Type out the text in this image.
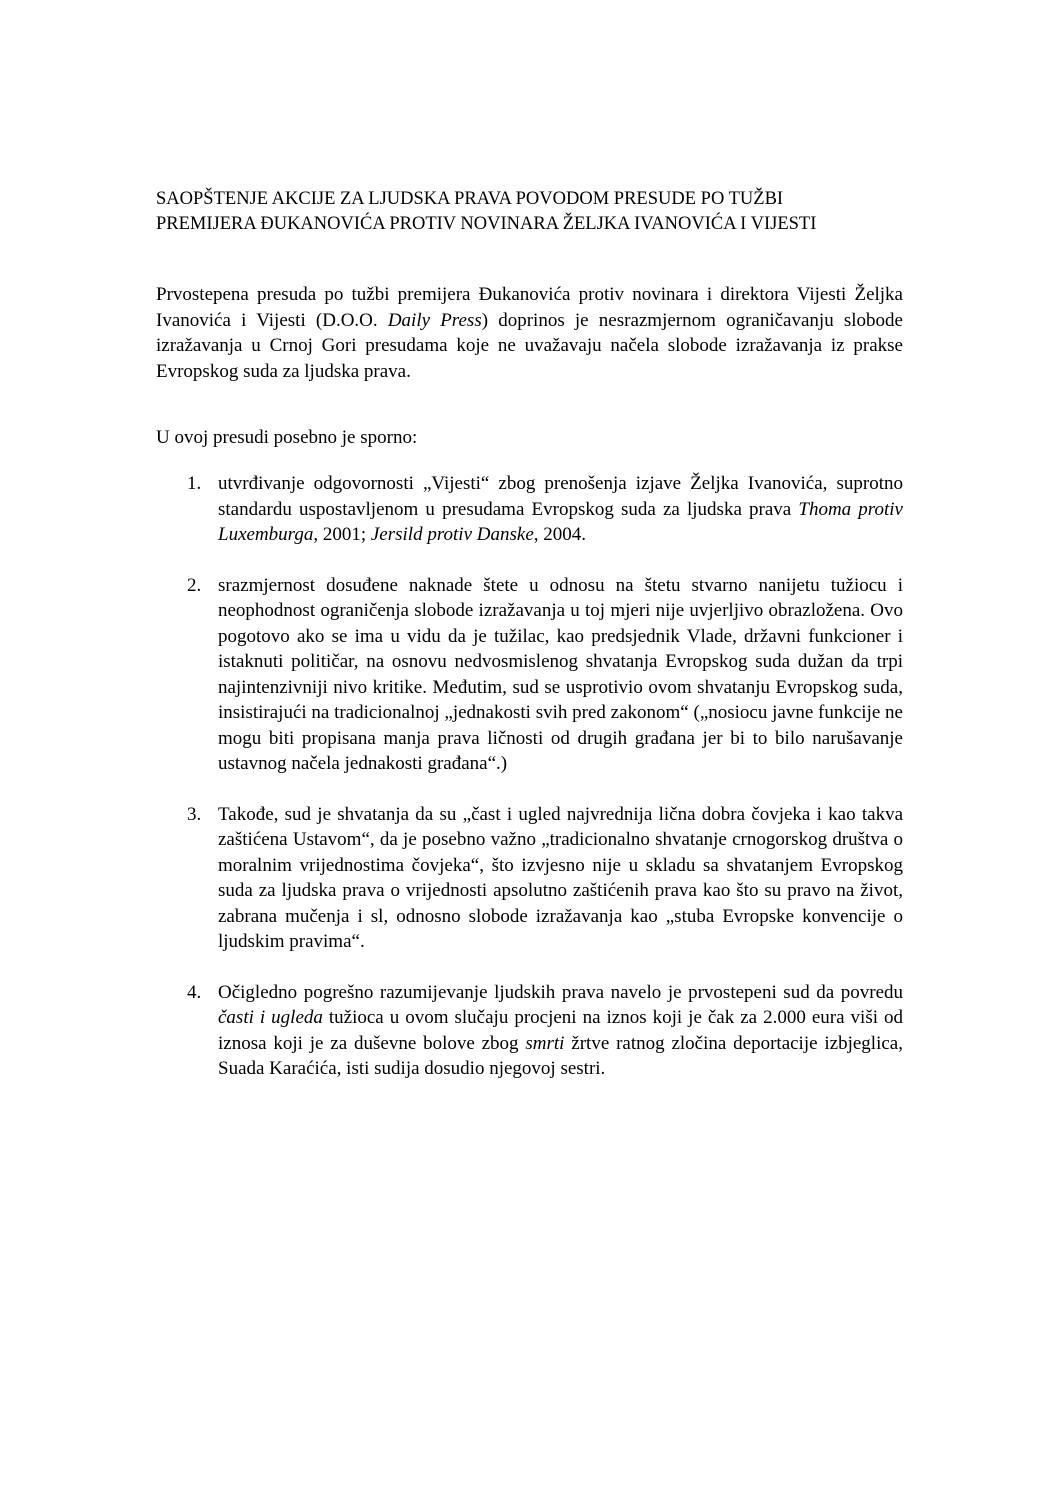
SAOPŠTENJE AKCIJE ZA LJUDSKA PRAVA POVODOM PRESUDE PO TUŽBI
PREMIJERA ĐUKANOVIĆA PROTIV NOVINARA ŽELJKA IVANOVIĆA I VIJESTI

Prvostepena presuda po tužbi premijera Đukanovića protiv novinara i direktora Vijesti Željka Ivanovića i Vijesti (D.O.O. Daily Press) doprinos je nesrazmjernom ograničavanju slobode izražavanja u Crnoj Gori presudama koje ne uvažavaju načela slobode izražavanja iz prakse Evropskog suda za ljudska prava.

U ovoj presudi posebno je sporno:

1. utvrđivanje odgovornosti „Vijesti“ zbog prenošenja izjave Željka Ivanovića, suprotno standardu uspostavljenom u presudama Evropskog suda za ljudska prava Thoma protiv Luxemburga, 2001; Jersild protiv Danske, 2004.
2. srazmjernost dosuđene naknade štete u odnosu na štetu stvarno nanijetu tužiocu i neophodnost ograničenja slobode izražavanja u toj mjeri nije uvjerljivo obrazložena. Ovo pogotovo ako se ima u vidu da je tužilac, kao predsjednik Vlade, državni funkcioner i istaknuti političar, na osnovu nedvosmislenog shvatanja Evropskog suda dužan da trpi najintenzivniji nivo kritike. Međutim, sud se usprotivio ovom shvatanju Evropskog suda, insistirajući na tradicionalnoj „jednakosti svih pred zakonom“ („nosiocu javne funkcije ne mogu biti propisana manja prava ličnosti od drugih građana jer bi to bilo narušavanje ustavnog načela jednakosti građana“.)
3. Takođe, sud je shvatanja da su „čast i ugled najvrednija lična dobra čovjeka i kao takva zaštićena Ustavom“, da je posebno važno „tradicionalno shvatanje crnogorskog društva o moralnim vrijednostima čovjeka“, što izvjesno nije u skladu sa shvatanjem Evropskog suda za ljudska prava o vrijednosti apsolutno zaštićenih prava kao što su pravo na život, zabrana mučenja i sl, odnosno slobode izražavanja kao „stuba Evropske konvencije o ljudskim pravima“.
4. Očigledno pogrešno razumijevanje ljudskih prava navelo je prvostepeni sud da povredu časti i ugleda tužioca u ovom slučaju procjeni na iznos koji je čak za 2.000 eura viši od iznosa koji je za duševne bolove zbog smrti žrtve ratnog zločina deportacije izbjeglica, Suada Karaćića, isti sudija dosudio njegovoj sestri.
